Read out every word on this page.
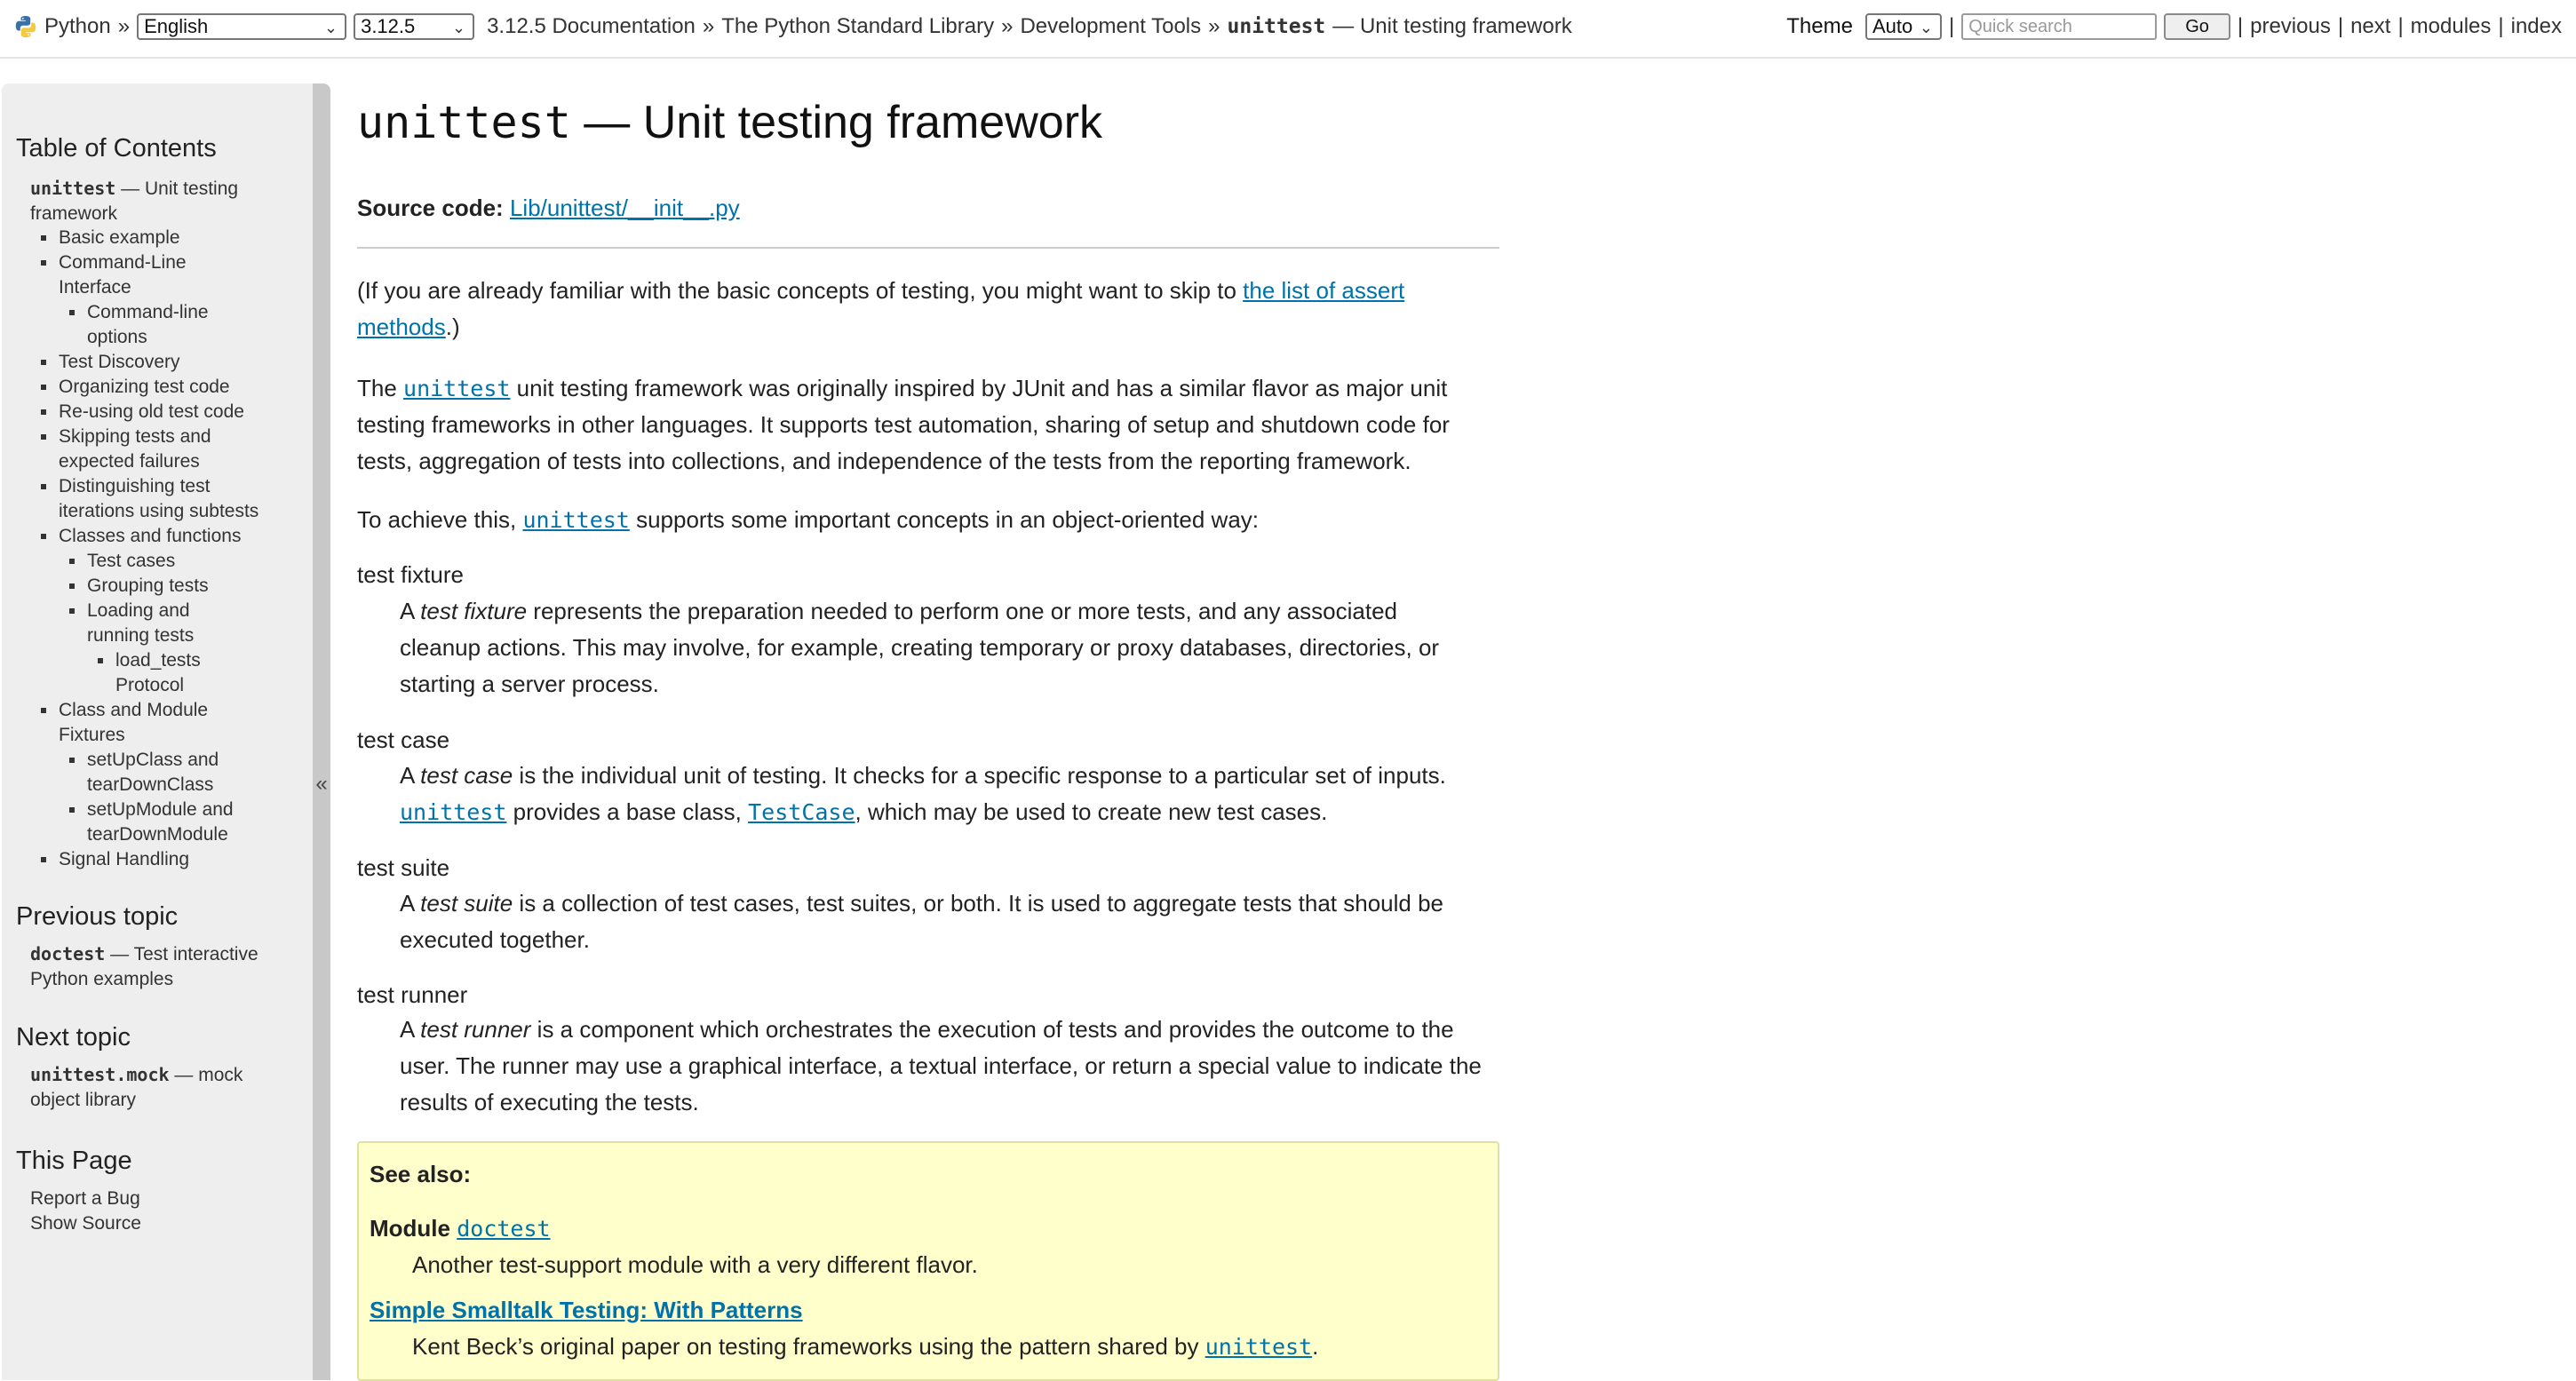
Python » English	⌄ 3.12.5 ⌄ 3.12.5 Documentation » The Python Standard Library » Development Tools » unittest — Unit testing framework	Theme Auto ⌄ | Quick search	Go	| previous | next | modules | index
Table of Contents
unittest — Unit testing
framework
Basic example
Command-Line
Interface
Command-line
options
Test Discovery
Organizing test code
Re-using old test code
Skipping tests and
expected failures
Distinguishing test
iterations using subtests
Classes and functions
Test cases
Grouping tests
Loading and
running tests
load_tests
Protocol
Class and Module
Fixtures
setUpClass and
tearDownClass
setUpModule and
tearDownModule
Signal Handling
Previous topic
doctest — Test interactive
Python examples
Next topic
unittest.mock — mock
object library
This Page
Report a Bug
Show Source
«
unittest — Unit testing framework

Source code: Lib/unittest/__init__.py

(If you are already familiar with the basic concepts of testing, you might want to skip to the list of assert
methods.)

The unittest unit testing framework was originally inspired by JUnit and has a similar flavor as major unit
testing frameworks in other languages. It supports test automation, sharing of setup and shutdown code for
tests, aggregation of tests into collections, and independence of the tests from the reporting framework.

To achieve this, unittest supports some important concepts in an object-oriented way:

test fixture

A test fixture represents the preparation needed to perform one or more tests, and any associated
cleanup actions. This may involve, for example, creating temporary or proxy databases, directories, or
starting a server process.

test case

A test case is the individual unit of testing. It checks for a specific response to a particular set of inputs.
unittest provides a base class, TestCase, which may be used to create new test cases.

test suite

A test suite is a collection of test cases, test suites, or both. It is used to aggregate tests that should be
executed together.

test runner

A test runner is a component which orchestrates the execution of tests and provides the outcome to the
user. The runner may use a graphical interface, a textual interface, or return a special value to indicate the
results of executing the tests.

See also:

Module doctest

Another test-support module with a very different flavor.

Simple Smalltalk Testing: With Patterns

Kent Beck’s original paper on testing frameworks using the pattern shared by unittest.
